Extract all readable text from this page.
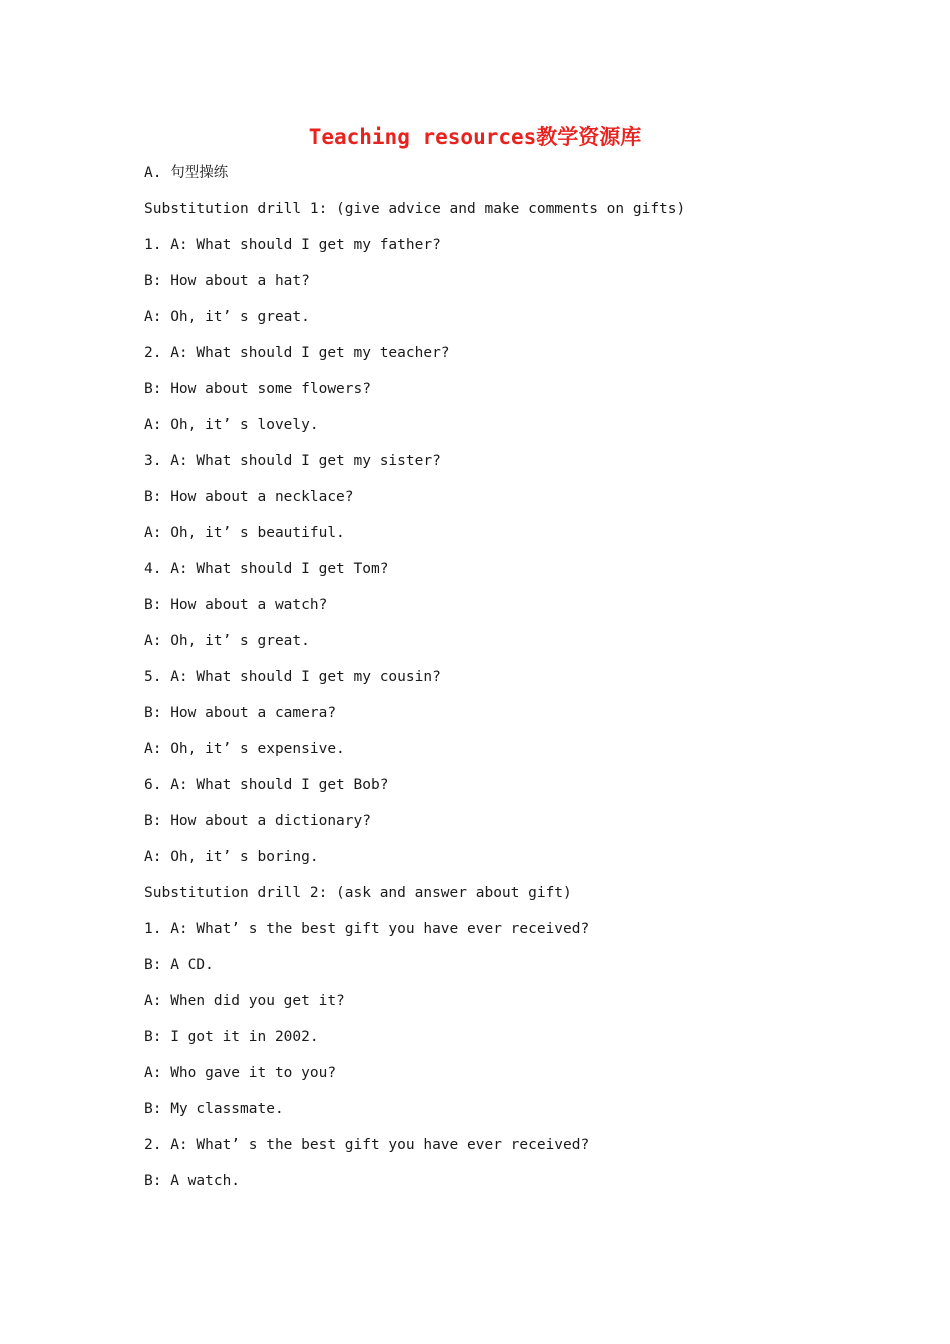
Teaching resources教学资源库
A. 句型操练
Substitution drill 1: (give advice and make comments on gifts)
1. A: What should I get my father?
B: How about a hat?
A: Oh, it’ s great.
2. A: What should I get my teacher?
B: How about some flowers?
A: Oh, it’ s lovely.
3. A: What should I get my sister?
B: How about a necklace?
A: Oh, it’ s beautiful.
4. A: What should I get Tom?
B: How about a watch?
A: Oh, it’ s great.
5. A: What should I get my cousin?
B: How about a camera?
A: Oh, it’ s expensive.
6. A: What should I get Bob?
B: How about a dictionary?
A: Oh, it’ s boring.
Substitution drill 2: (ask and answer about gift)
1. A: What’ s the best gift you have ever received?
B: A CD.
A: When did you get it?
B: I got it in 2002.
A: Who gave it to you?
B: My classmate.
2. A: What’ s the best gift you have ever received?
B: A watch.
